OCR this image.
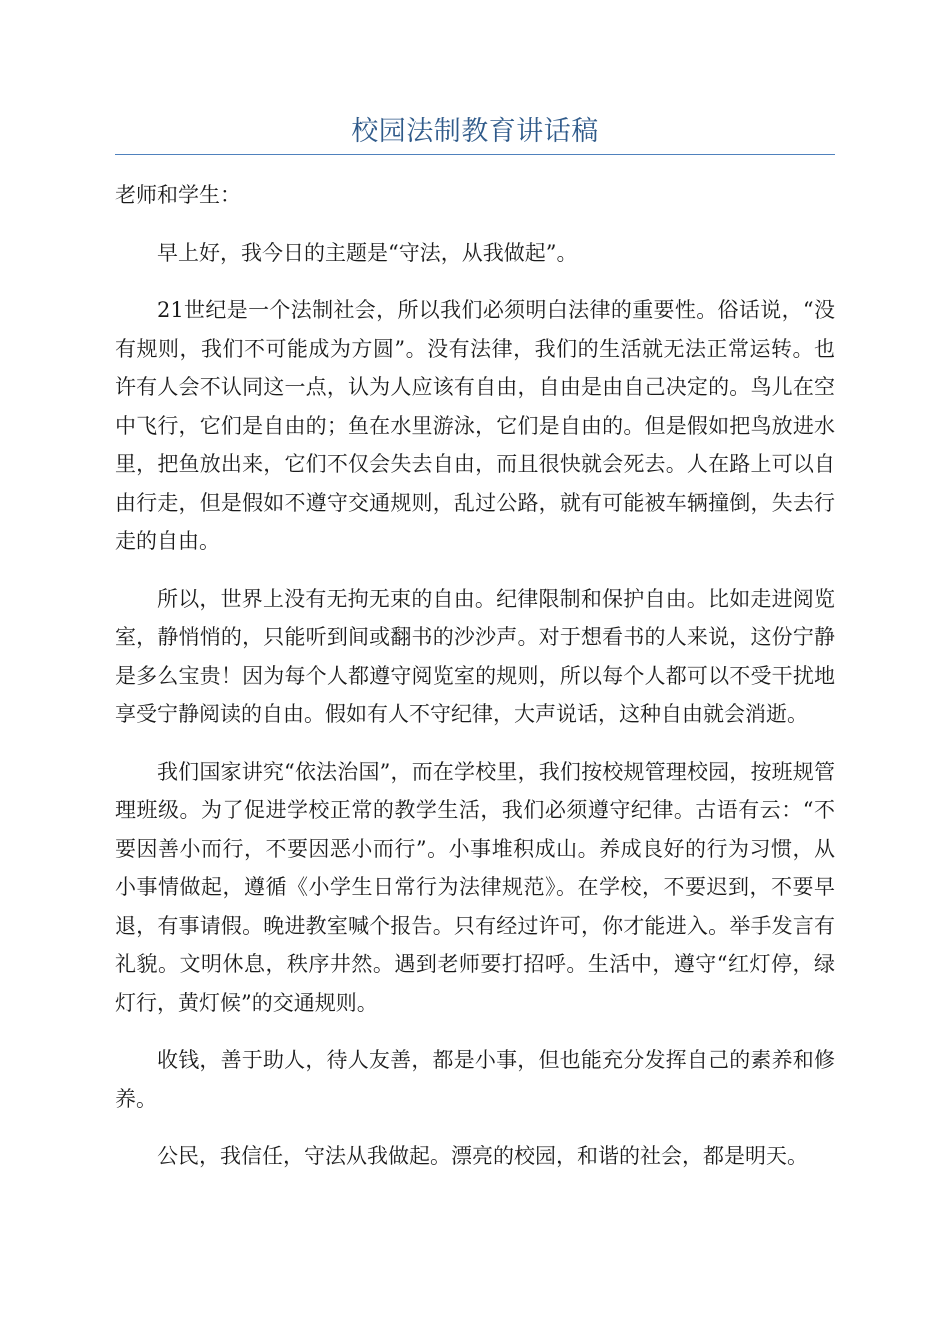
校园法制教育讲话稿

老师和学生：

早上好，我今日的主题是“守法，从我做起”。

21世纪是一个法制社会，所以我们必须明白法律的重要性。俗话说，“没有规则，我们不可能成为方圆”。没有法律，我们的生活就无法正常运转。也许有人会不认同这一点，认为人应该有自由，自由是由自己决定的。鸟儿在空中飞行，它们是自由的；鱼在水里游泳，它们是自由的。但是假如把鸟放进水里，把鱼放出来，它们不仅会失去自由，而且很快就会死去。人在路上可以自由行走，但是假如不遵守交通规则，乱过公路，就有可能被车辆撞倒，失去行走的自由。

所以，世界上没有无拘无束的自由。纪律限制和保护自由。比如走进阅览室，静悄悄的，只能听到间或翻书的沙沙声。对于想看书的人来说，这份宁静是多么宝贵！因为每个人都遵守阅览室的规则，所以每个人都可以不受干扰地享受宁静阅读的自由。假如有人不守纪律，大声说话，这种自由就会消逝。

我们国家讲究“依法治国”，而在学校里，我们按校规管理校园，按班规管理班级。为了促进学校正常的教学生活，我们必须遵守纪律。古语有云：“不要因善小而行，不要因恶小而行”。小事堆积成山。养成良好的行为习惯，从小事情做起，遵循《小学生日常行为法律规范》。在学校，不要迟到，不要早退，有事请假。晚进教室喊个报告。只有经过许可，你才能进入。举手发言有礼貌。文明休息，秩序井然。遇到老师要打招呼。生活中，遵守“红灯停，绿灯行，黄灯候”的交通规则。

收钱，善于助人，待人友善，都是小事，但也能充分发挥自己的素养和修养。

公民，我信任，守法从我做起。漂亮的校园，和谐的社会，都是明天。
